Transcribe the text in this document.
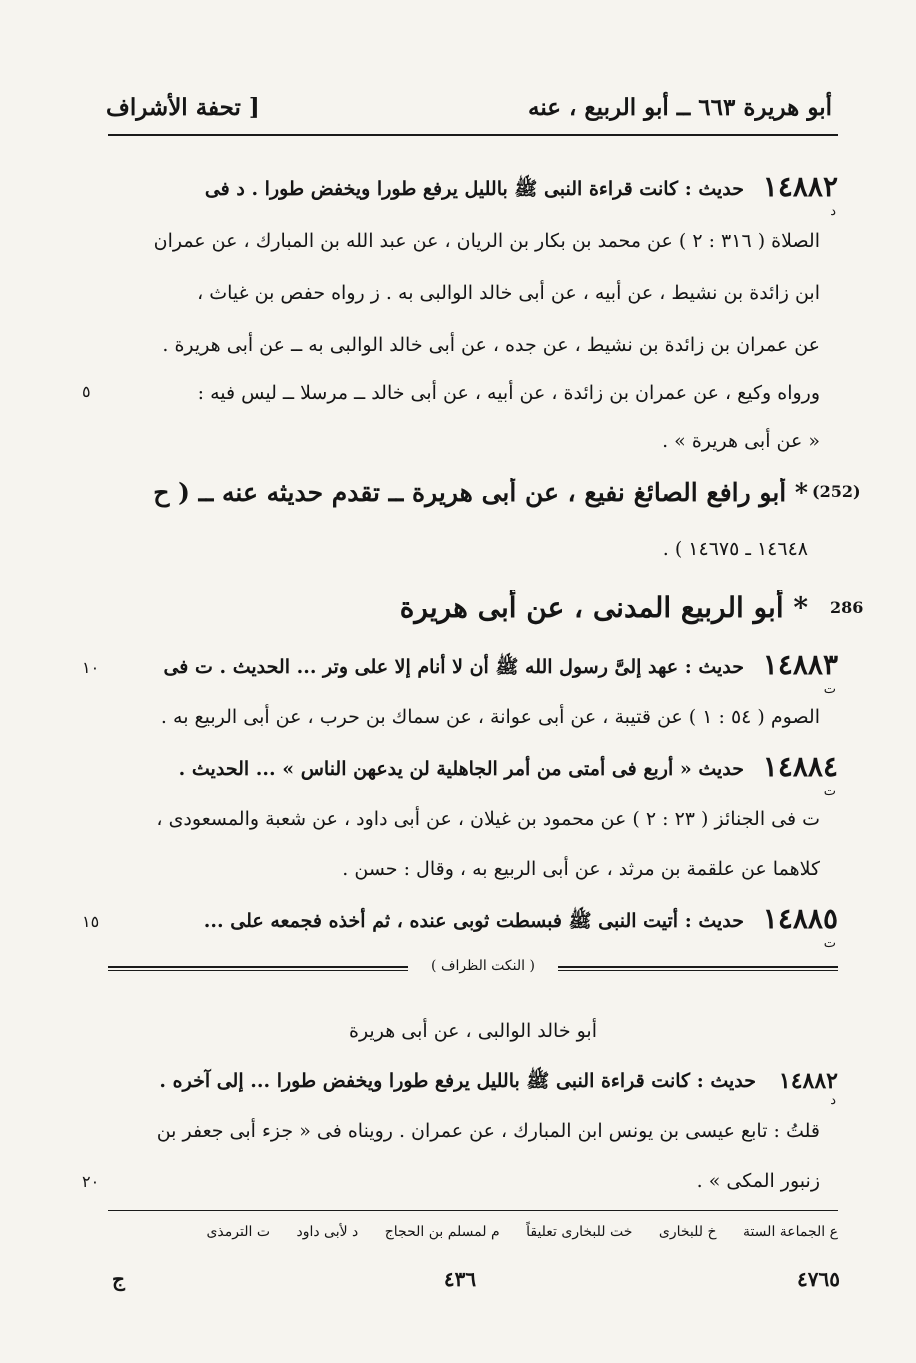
أبو هريرة ٦٦٣ ــ أبو الربيع ، عنه
[ تحفة الأشراف
١٤٨٨٢
د
حديث : كانت قراءة النبى ﷺ بالليل يرفع طورا ويخفض طورا . د فى
الصلاة ( ٣١٦ : ٢ ) عن محمد بن بكار بن الريان ، عن عبد الله بن المبارك ، عن عمران
ابن زائدة بن نشيط ، عن أبيه ، عن أبى خالد الوالبى به . ز رواه حفص بن غياث ،
عن عمران بن زائدة بن نشيط ، عن جده ، عن أبى خالد الوالبى به ــ عن أبى هريرة .
ورواه وكيع ، عن عمران بن زائدة ، عن أبيه ، عن أبى خالد ــ مرسلا ــ ليس فيه :
« عن أبى هريرة » .
٥
(252)
* أبو رافع الصائغ نفيع ، عن أبى هريرة ــ تقدم حديثه عنه ــ ( ح
١٤٦٤٨ ـ ١٤٦٧٥ ) .
286
* أبو الربيع المدنى ، عن أبى هريرة
١٤٨٨٣
ت
حديث : عهد إلىَّ رسول الله ﷺ أن لا أنام إلا على وتر ... الحديث . ت فى
الصوم ( ٥٤ : ١ ) عن قتيبة ، عن أبى عوانة ، عن سماك بن حرب ، عن أبى الربيع به .
١٠
١٤٨٨٤
ت
حديث « أربع فى أمتى من أمر الجاهلية لن يدعهن الناس » ... الحديث .
ت فى الجنائز ( ٢٣ : ٢ ) عن محمود بن غيلان ، عن أبى داود ، عن شعبة والمسعودى ،
كلاهما عن علقمة بن مرثد ، عن أبى الربيع به ، وقال : حسن .
١٤٨٨٥
ت
حديث : أتيت النبى ﷺ فبسطت ثوبى عنده ، ثم أخذه فجمعه على ...
١٥
( النكت الظراف )
أبو خالد الوالبى ، عن أبى هريرة
١٤٨٨٢
د
حديث : كانت قراءة النبى ﷺ بالليل يرفع طورا ويخفض طورا ... إلى آخره .
قلتُ : تابع عيسى بن يونس ابن المبارك ، عن عمران . رويناه فى « جزء أبى جعفر بن
زنبور المكى » .
٢٠
ع الجماعة الستة خ للبخارى خت للبخارى تعليقاً م لمسلم بن الحجاج د لأبى داود ت الترمذى
ج	٤٣٦	٤٧٦٥
